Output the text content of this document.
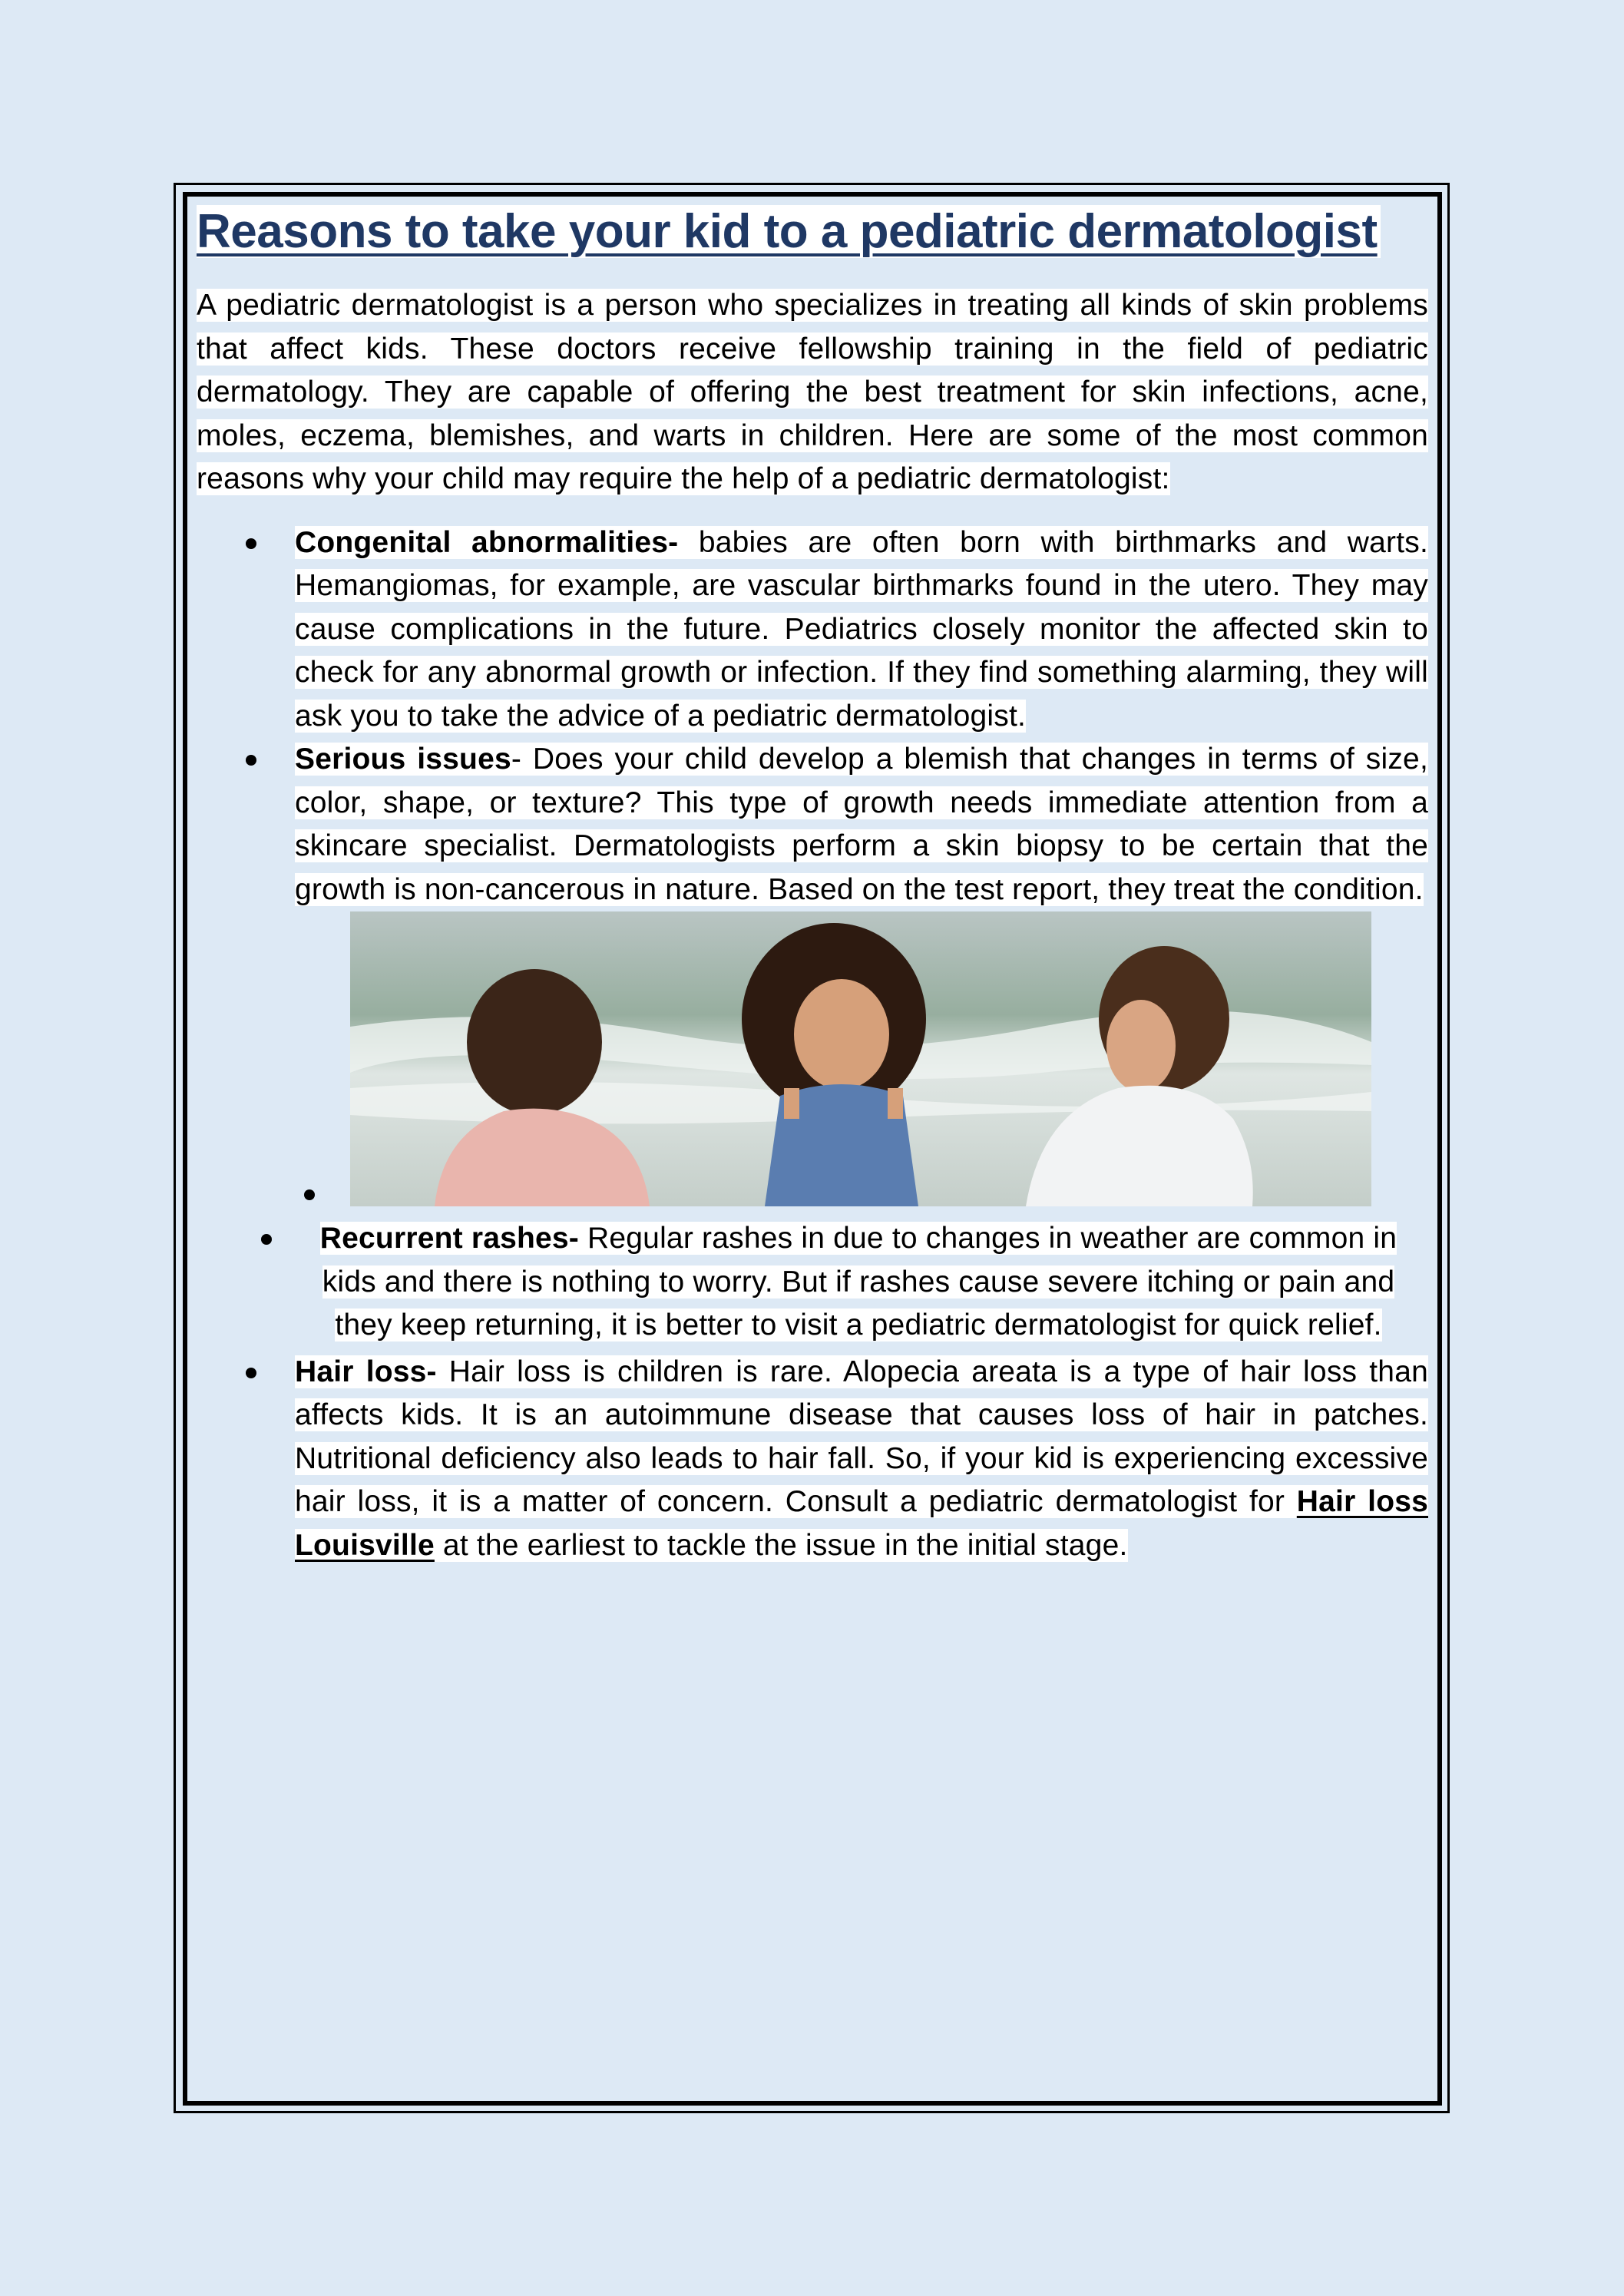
Reasons to take your kid to a pediatric dermatologist

A pediatric dermatologist is a person who specializes in treating all kinds of skin problems that affect kids. These doctors receive fellowship training in the field of pediatric dermatology. They are capable of offering the best treatment for skin infections, acne, moles, eczema, blemishes, and warts in children. Here are some of the most common reasons why your child may require the help of a pediatric dermatologist:

Congenital abnormalities- babies are often born with birthmarks and warts. Hemangiomas, for example, are vascular birthmarks found in the utero. They may cause complications in the future. Pediatrics closely monitor the affected skin to check for any abnormal growth or infection. If they find something alarming, they will ask you to take the advice of a pediatric dermatologist.
Serious issues- Does your child develop a blemish that changes in terms of size, color, shape, or texture? This type of growth needs immediate attention from a skincare specialist. Dermatologists perform a skin biopsy to be certain that the growth is non-cancerous in nature. Based on the test report, they treat the condition.
Recurrent rashes- Regular rashes in due to changes in weather are common in kids and there is nothing to worry. But if rashes cause severe itching or pain and they keep returning, it is better to visit a pediatric dermatologist for quick relief.
Hair loss- Hair loss is children is rare. Alopecia areata is a type of hair loss than affects kids. It is an autoimmune disease that causes loss of hair in patches. Nutritional deficiency also leads to hair fall. So, if your kid is experiencing excessive hair loss, it is a matter of concern. Consult a pediatric dermatologist for Hair loss Louisville at the earliest to tackle the issue in the initial stage.
